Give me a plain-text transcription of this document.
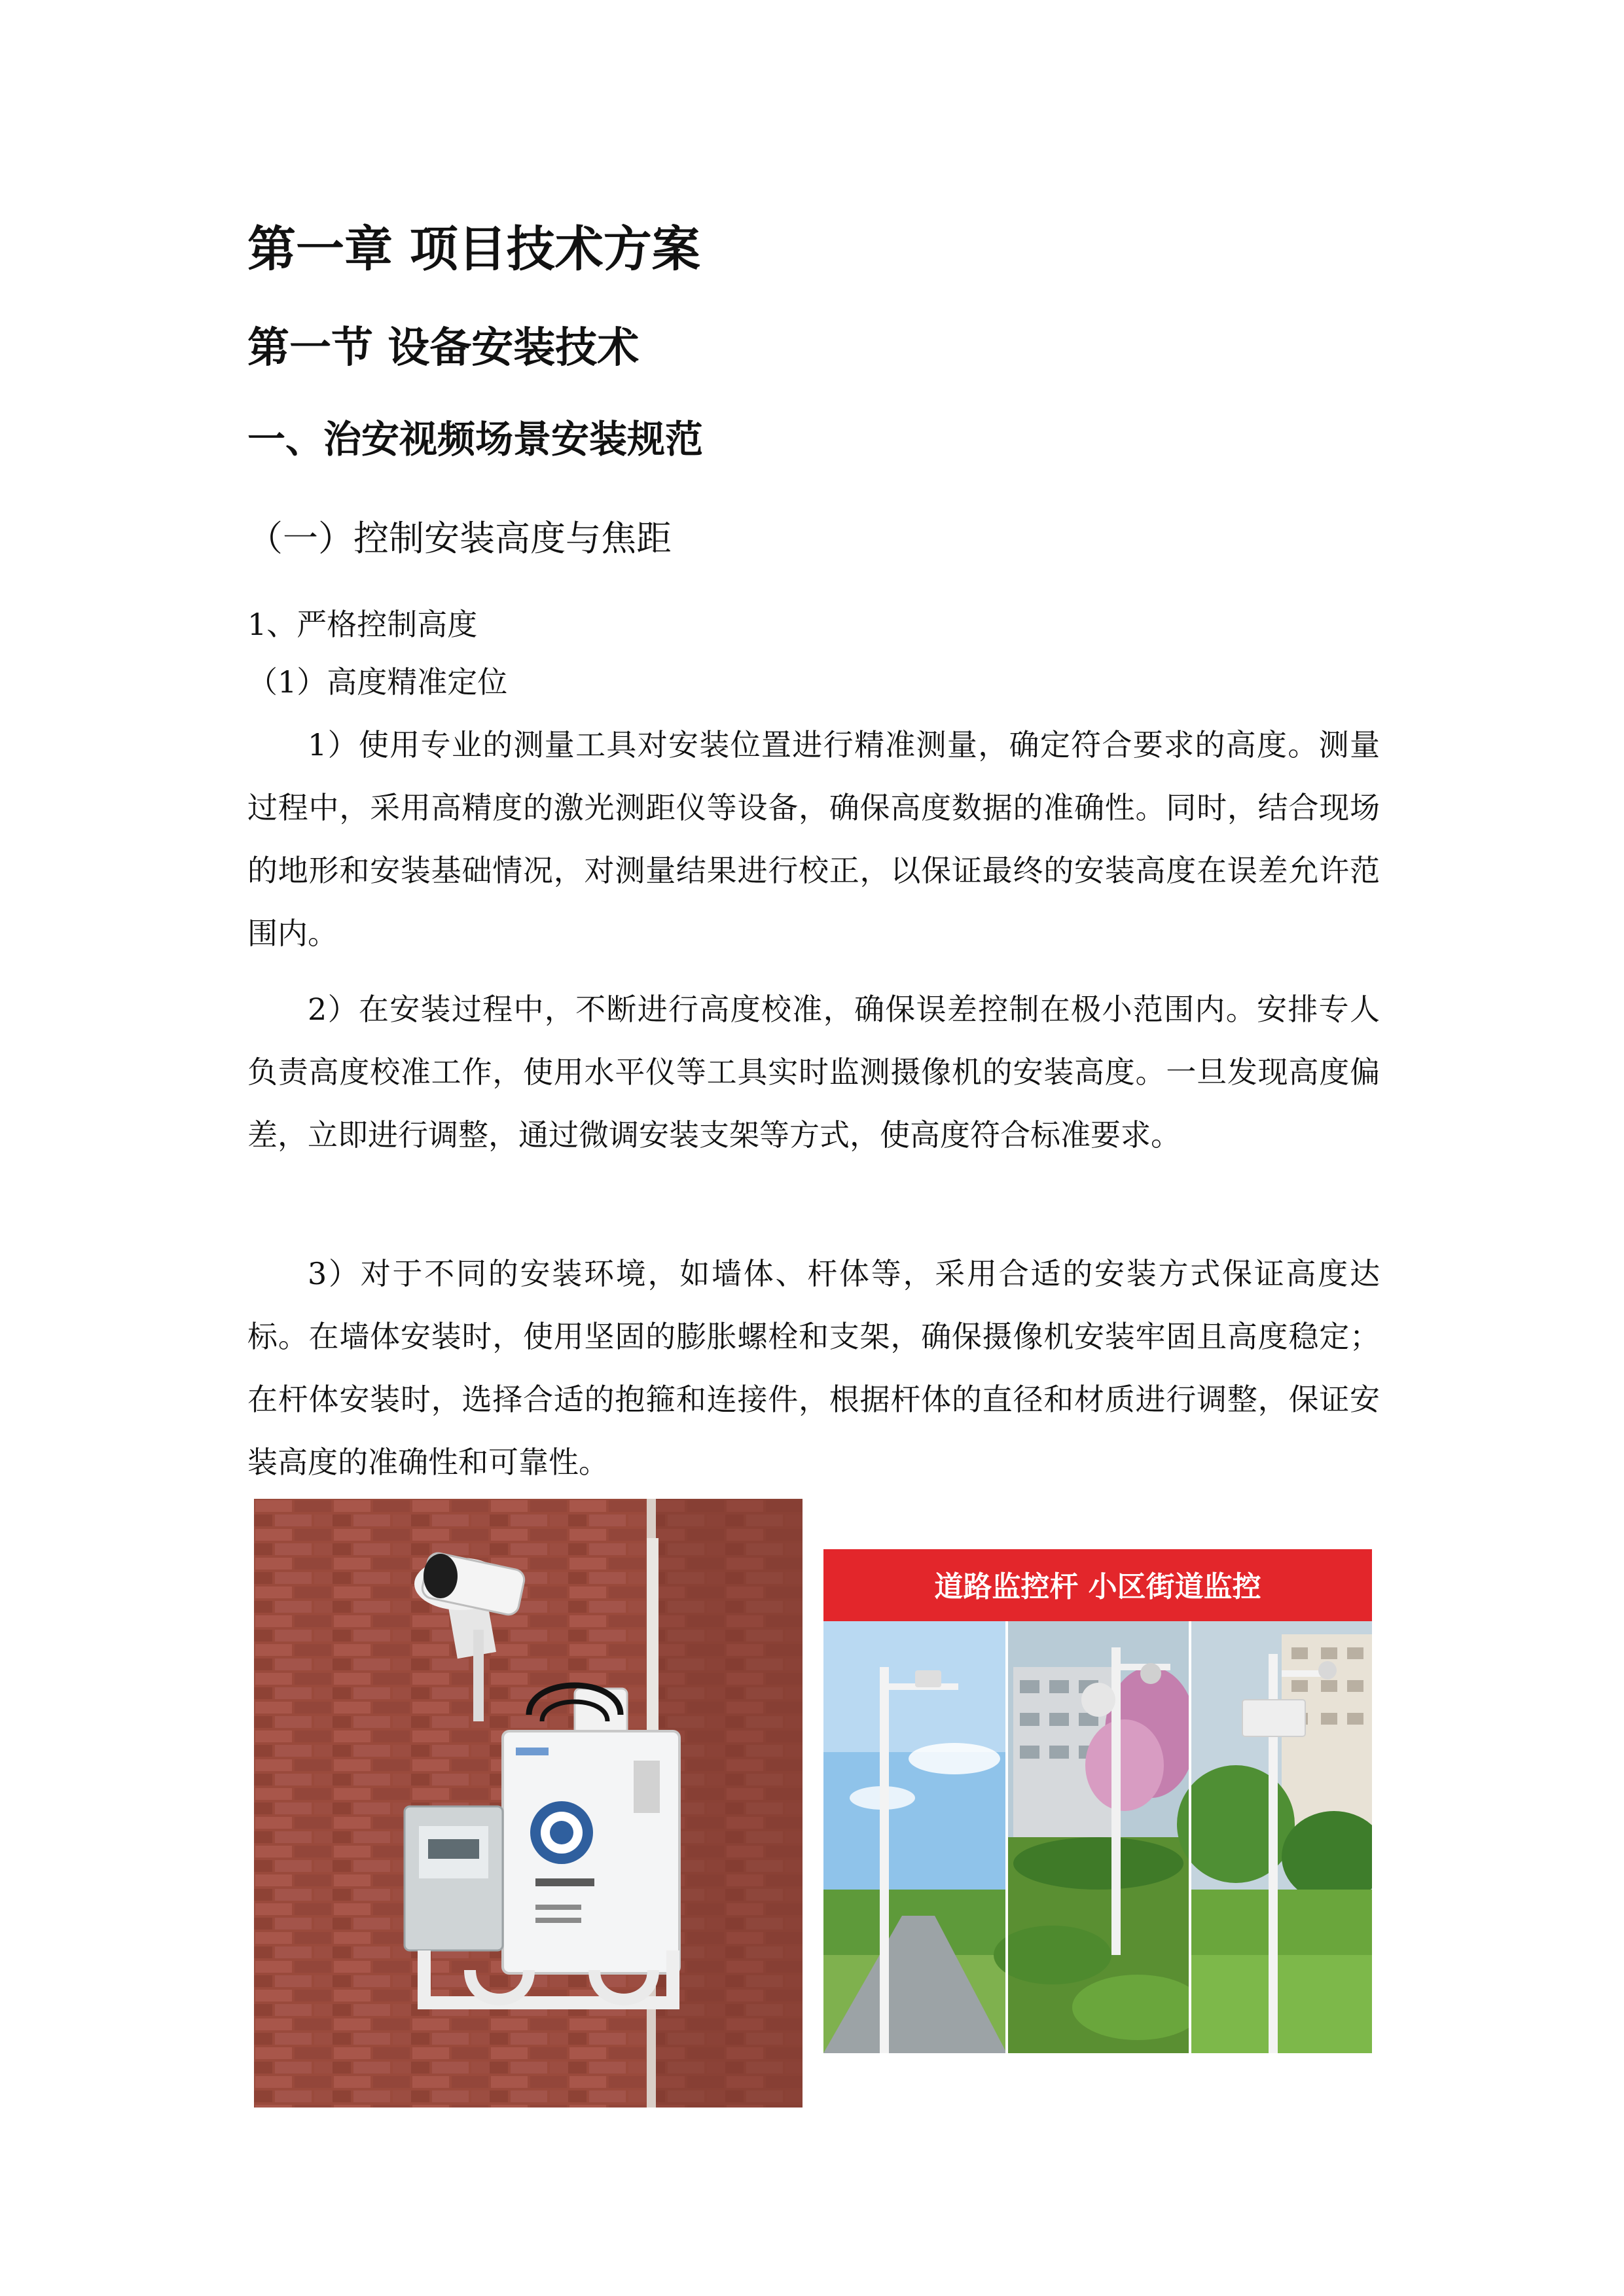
第一章 项目技术方案
第一节 设备安装技术
一、治安视频场景安装规范
（一）控制安装高度与焦距
1、严格控制高度
（1）高度精准定位

1）使用专业的测量工具对安装位置进行精准测量，确定符合要求的高度。测量过程中，采用高精度的激光测距仪等设备，确保高度数据的准确性。同时，结合现场的地形和安装基础情况，对测量结果进行校正，以保证最终的安装高度在误差允许范围内。

2）在安装过程中，不断进行高度校准，确保误差控制在极小范围内。安排专人负责高度校准工作，使用水平仪等工具实时监测摄像机的安装高度。一旦发现高度偏差，立即进行调整，通过微调安装支架等方式，使高度符合标准要求。

3）对于不同的安装环境，如墙体、杆体等，采用合适的安装方式保证高度达标。在墙体安装时，使用坚固的膨胀螺栓和支架，确保摄像机安装牢固且高度稳定；在杆体安装时，选择合适的抱箍和连接件，根据杆体的直径和材质进行调整，保证安装高度的准确性和可靠性。

道路监控杆 小区街道监控
